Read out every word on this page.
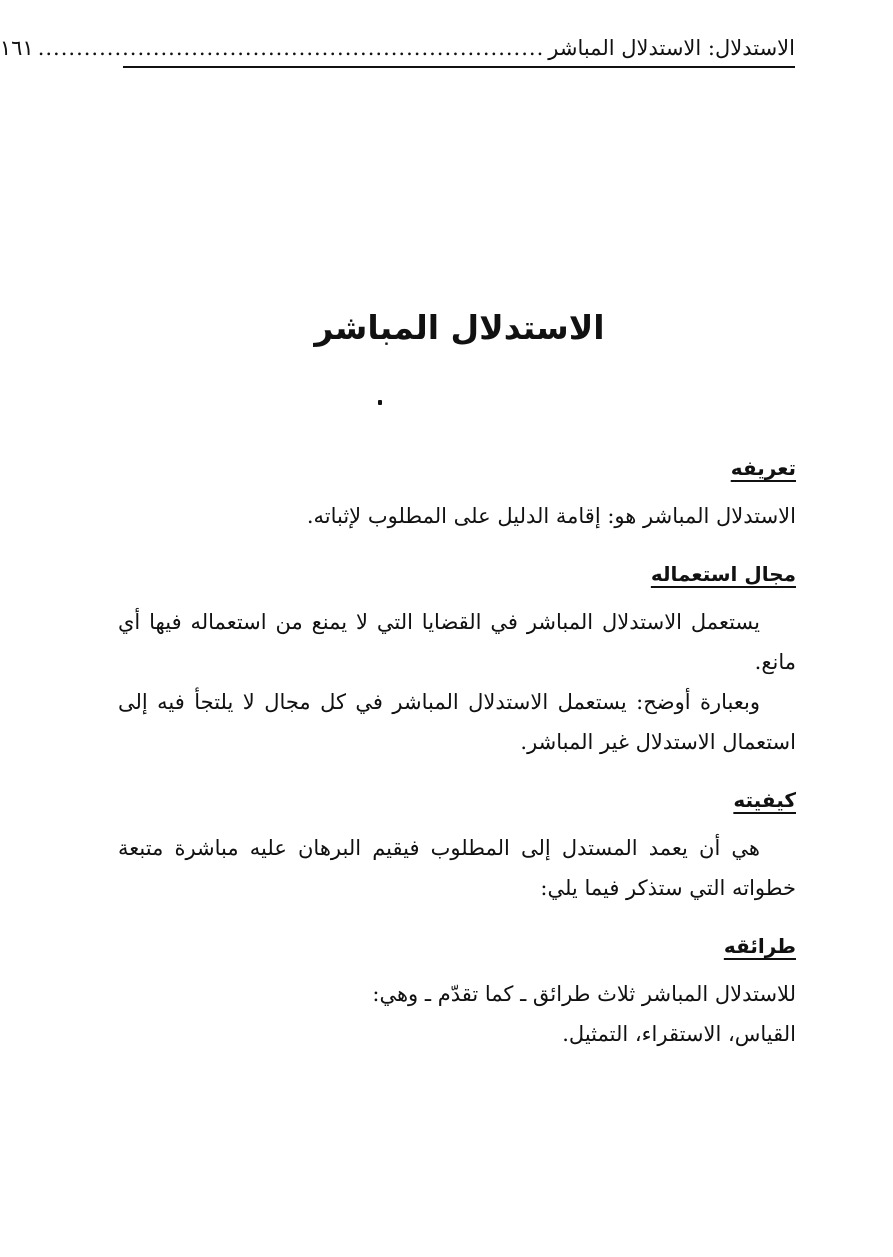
الاستدلال: الاستدلال المباشر
..................................................................
١٦١
الاستدلال المباشر
تعريفه

الاستدلال المباشر هو: إقامة الدليل على المطلوب لإثباته.

مجال استعماله

يستعمل الاستدلال المباشر في القضايا التي لا يمنع من استعماله فيها أي مانع.

وبعبارة أوضح: يستعمل الاستدلال المباشر في كل مجال لا يلتجأ فيه إلى استعمال الاستدلال غير المباشر.

كيفيته

هي أن يعمد المستدل إلى المطلوب فيقيم البرهان عليه مباشرة متبعة خطواته التي ستذكر فيما يلي:

طرائقه

للاستدلال المباشر ثلاث طرائق ـ كما تقدّم ـ وهي:

القياس، الاستقراء، التمثيل.
